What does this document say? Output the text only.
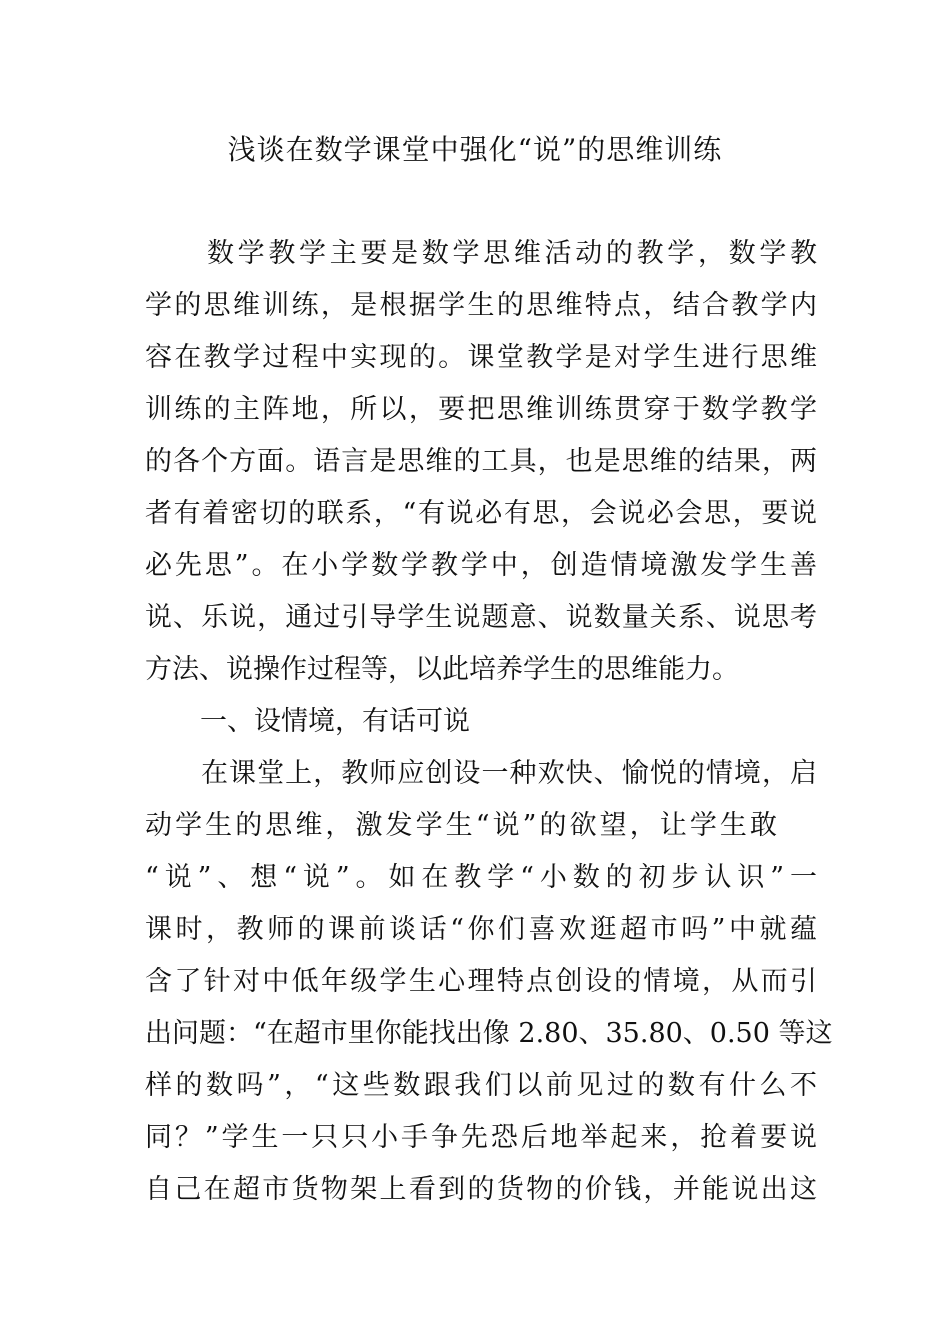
浅谈在数学课堂中强化“说”的思维训练
数学教学主要是数学思维活动的教学，数学教
学的思维训练，是根据学生的思维特点，结合教学内
容在教学过程中实现的。课堂教学是对学生进行思维
训练的主阵地，所以，要把思维训练贯穿于数学教学
的各个方面。语言是思维的工具，也是思维的结果，两
者有着密切的联系，“有说必有思，会说必会思，要说
必先思”。在小学数学教学中，创造情境激发学生善
说、乐说，通过引导学生说题意、说数量关系、说思考
方法、说操作过程等，以此培养学生的思维能力。
一、设情境，有话可说
在课堂上，教师应创设一种欢快、愉悦的情境，启
动学生的思维，激发学生“说”的欲望，让学生敢
“说”、想“说”。如在教学“小数的初步认识”一
课时，教师的课前谈话“你们喜欢逛超市吗”中就蕴
含了针对中低年级学生心理特点创设的情境，从而引
出问题：“在超市里你能找出像 2.80、35.80、0.50 等这
样的数吗”，“这些数跟我们以前见过的数有什么不
同？”学生一只只小手争先恐后地举起来，抢着要说
自己在超市货物架上看到的货物的价钱，并能说出这
